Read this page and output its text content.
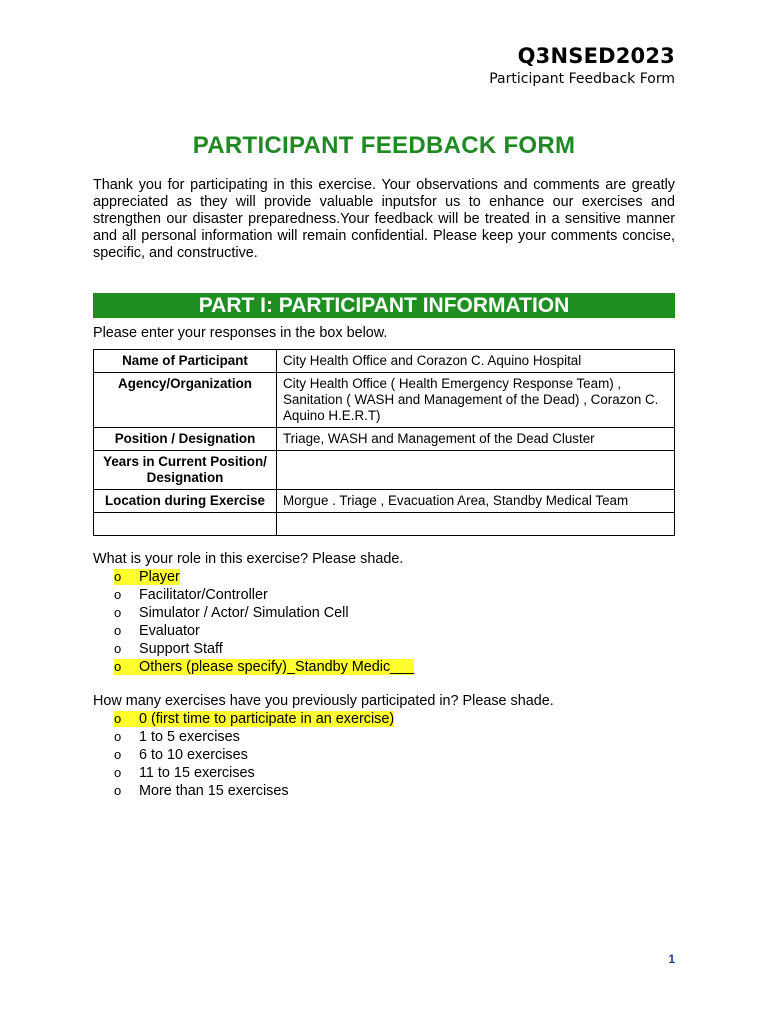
Q3NSED2023
Participant Feedback Form
PARTICIPANT FEEDBACK FORM

Thank you for participating in this exercise. Your observations and comments are greatly appreciated as they will provide valuable inputsfor us to enhance our exercises and strengthen our disaster preparedness.Your feedback will be treated in a sensitive manner and all personal information will remain confidential. Please keep your comments concise, specific, and constructive.

PART I: PARTICIPANT INFORMATION
Please enter your responses in the box below.
Name of Participant	City Health Office and Corazon C. Aquino Hospital
Agency/Organization	City Health Office ( Health Emergency Response Team) , Sanitation ( WASH and Management of the Dead) , Corazon C. Aquino H.E.R.T)
Position / Designation	Triage, WASH and Management of the Dead Cluster
Years in Current Position/ Designation	
Location during Exercise	Morgue . Triage , Evacuation Area, Standby Medical Team

What is your role in this exercise? Please shade.
o Player
o Facilitator/Controller
o Simulator / Actor/ Simulation Cell
o Evaluator
o Support Staff
o Others (please specify)_Standby Medic___
How many exercises have you previously participated in? Please shade.
o 0 (first time to participate in an exercise)
o 1 to 5 exercises
o 6 to 10 exercises
o 11 to 15 exercises
o More than 15 exercises
1
